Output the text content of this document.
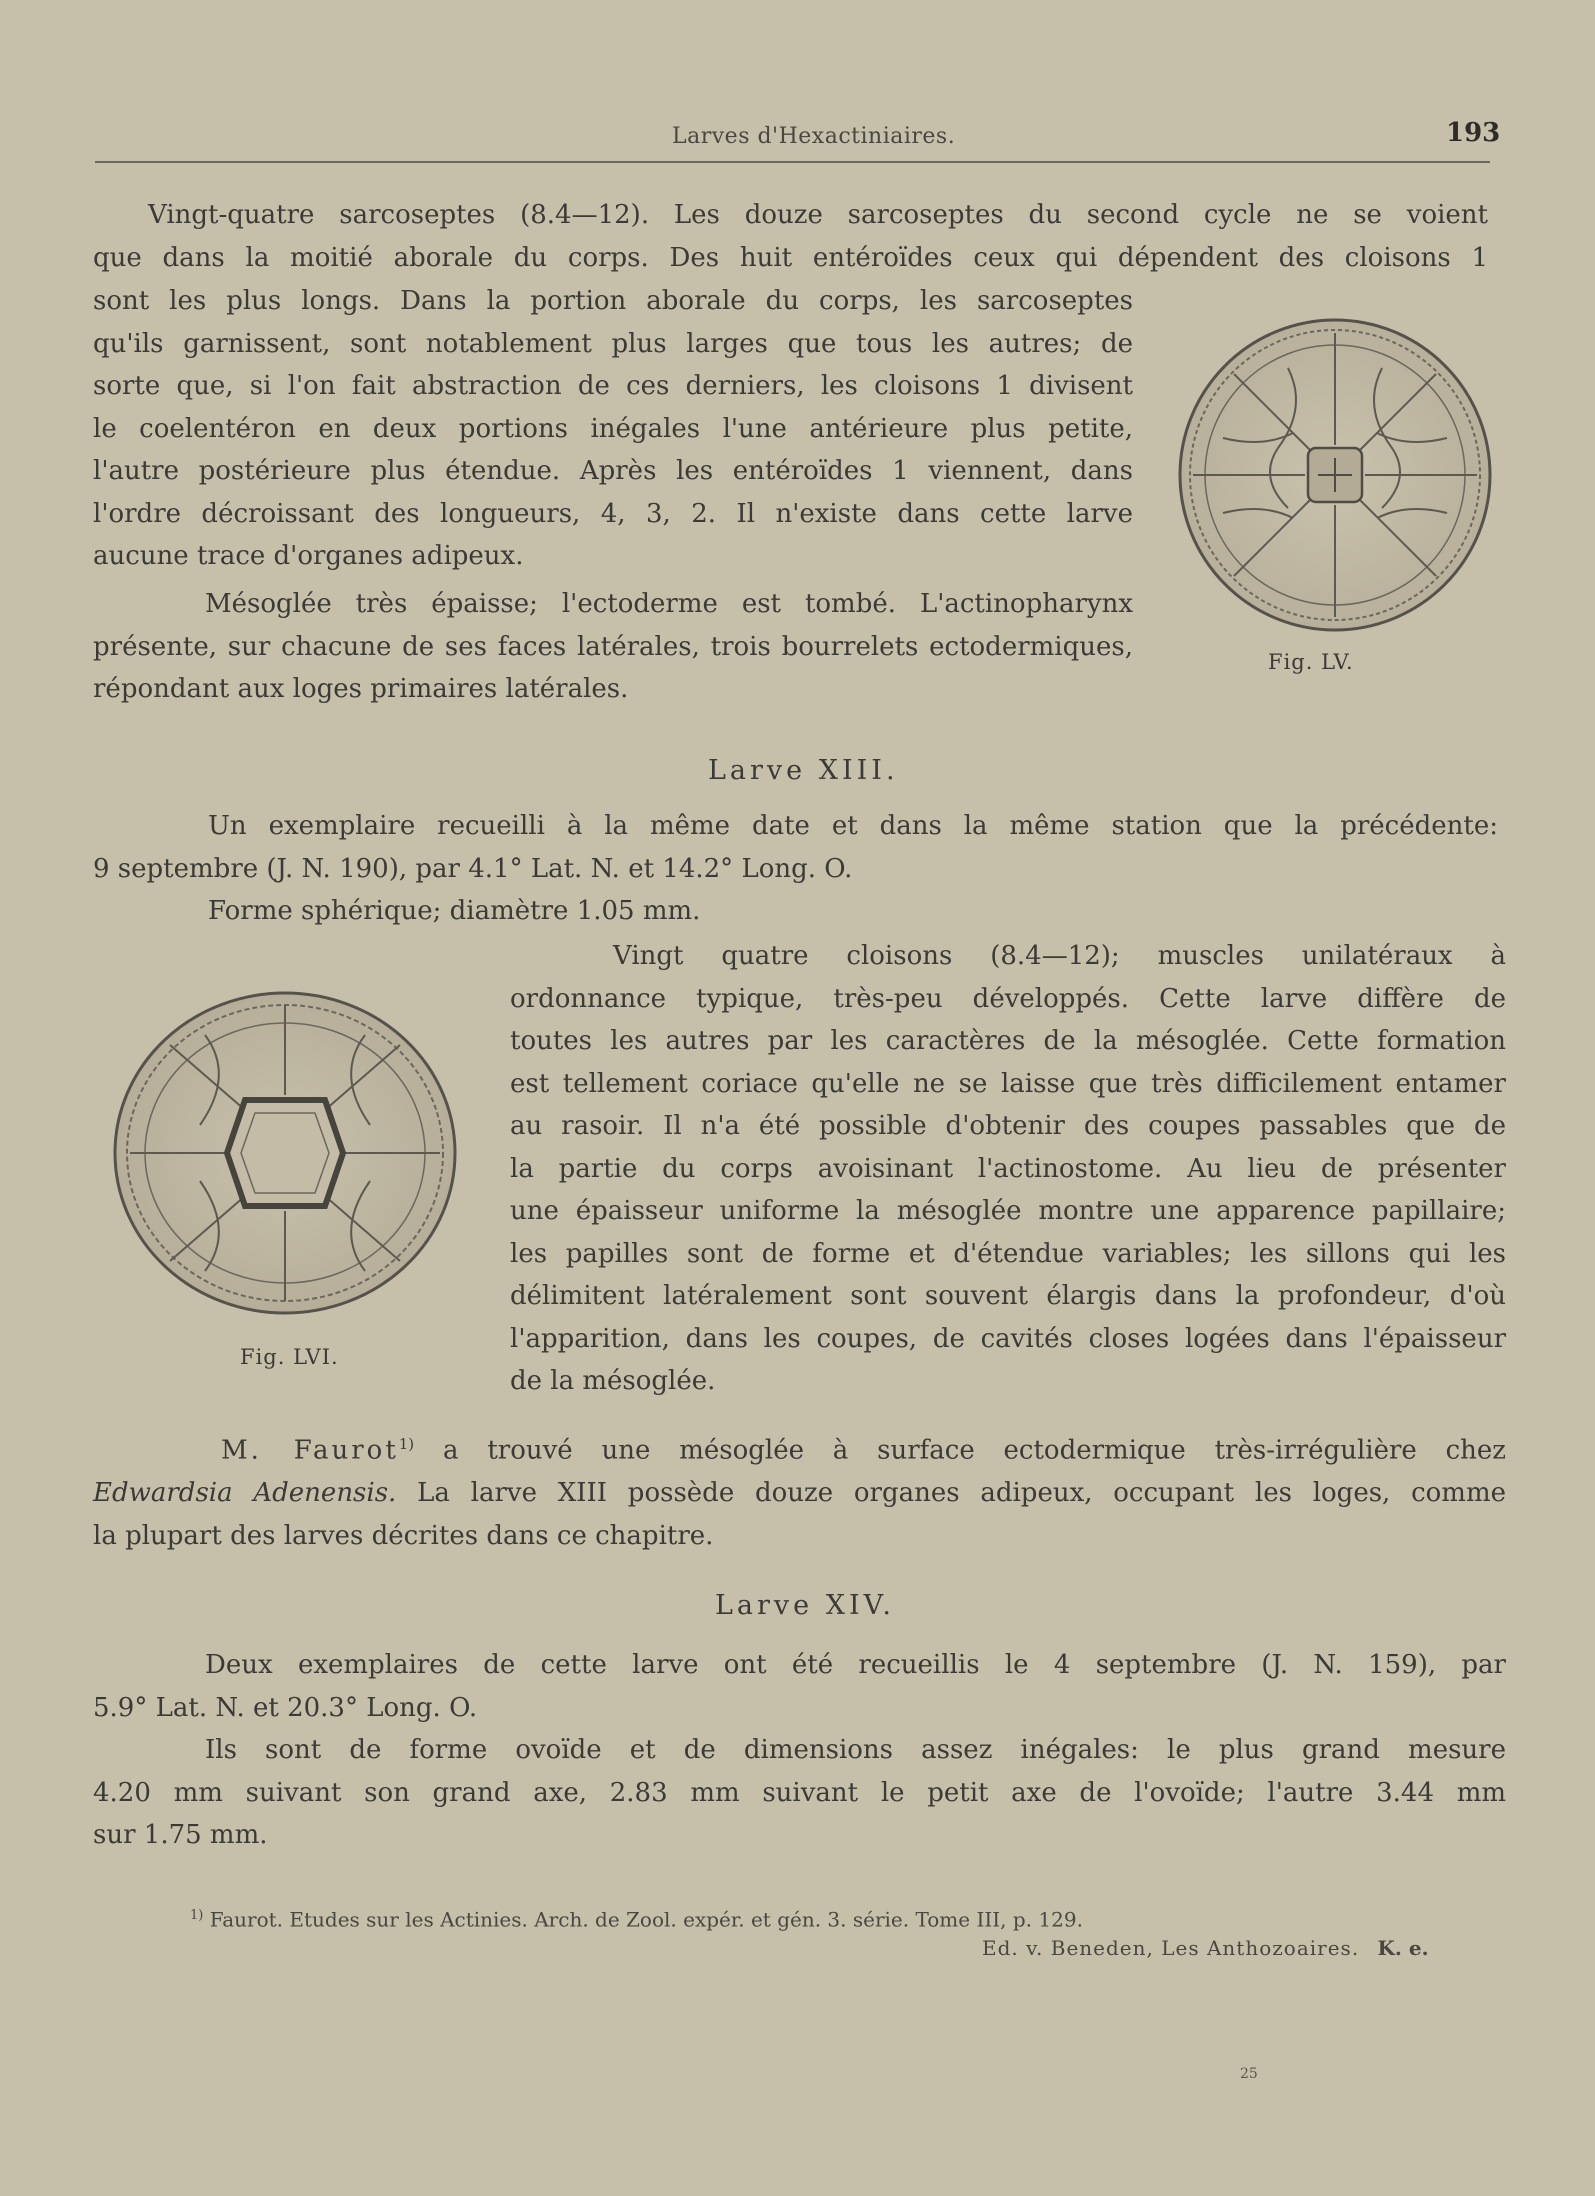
Larves d'Hexactiniaires.	193
Vingt-quatre sarcoseptes (8.4—12). Les douze sarcoseptes du second cycle ne se voient
que dans la moitié aborale du corps. Des huit entéroïdes ceux qui dépendent des cloisons 1
sont les plus longs. Dans la portion aborale du corps, les sarcoseptes
qu'ils garnissent, sont notablement plus larges que tous les autres; de
sorte que, si l'on fait abstraction de ces derniers, les cloisons 1 divisent
le coelentéron en deux portions inégales l'une antérieure plus petite,
l'autre postérieure plus étendue. Après les entéroïdes 1 viennent, dans
l'ordre décroissant des longueurs, 4, 3, 2. Il n'existe dans cette larve
aucune trace d'organes adipeux.
Mésoglée très épaisse; l'ectoderme est tombé. L'actinopharynx
présente, sur chacune de ses faces latérales, trois bourrelets ectodermiques,
répondant aux loges primaires latérales.
Fig. LV.
Larve XIII.
Un exemplaire recueilli à la même date et dans la même station que la précédente:
9 septembre (J. N. 190), par 4.1° Lat. N. et 14.2° Long. O.
Forme sphérique; diamètre 1.05 mm.
Fig. LVI.
Vingt quatre cloisons (8.4—12); muscles unilatéraux à
ordonnance typique, très-peu développés. Cette larve diffère de
toutes les autres par les caractères de la mésoglée. Cette formation
est tellement coriace qu'elle ne se laisse que très difficilement entamer
au rasoir. Il n'a été possible d'obtenir des coupes passables que de
la partie du corps avoisinant l'actinostome. Au lieu de présenter
une épaisseur uniforme la mésoglée montre une apparence papillaire;
les papilles sont de forme et d'étendue variables; les sillons qui les
délimitent latéralement sont souvent élargis dans la profondeur, d'où
l'apparition, dans les coupes, de cavités closes logées dans l'épaisseur
de la mésoglée.
M. Faurot$^{1)}$ a trouvé une mésoglée à surface ectodermique très-irrégulière chez
Edwardsia Adenensis. La larve XIII possède douze organes adipeux, occupant les loges, comme
la plupart des larves décrites dans ce chapitre.
Larve XIV.
Deux exemplaires de cette larve ont été recueillis le 4 septembre (J. N. 159), par
5.9° Lat. N. et 20.3° Long. O.
Ils sont de forme ovoïde et de dimensions assez inégales: le plus grand mesure
4.20 mm suivant son grand axe, 2.83 mm suivant le petit axe de l'ovoïde; l'autre 3.44 mm
sur 1.75 mm.
$^{1)}$ Faurot. Etudes sur les Actinies. Arch. de Zool. expér. et gén. 3. série. Tome III, p. 129.
Ed. v. Beneden, Les Anthozoaires. K. e.
25
